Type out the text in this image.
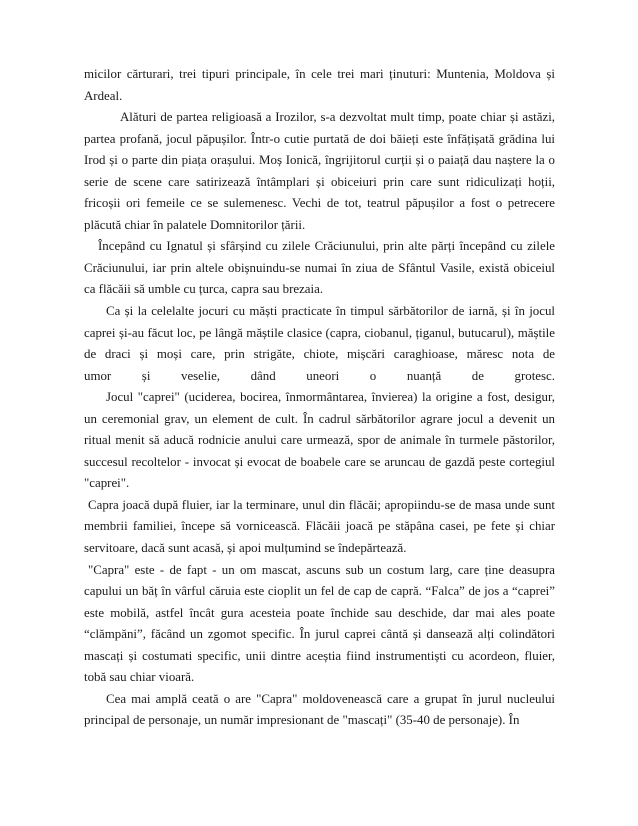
micilor cărturari, trei tipuri principale, în cele trei mari ținuturi: Muntenia, Moldova și Ardeal.

Alături de partea religioasă a Irozilor, s-a dezvoltat mult timp, poate chiar și astăzi, partea profană, jocul păpușilor. Într-o cutie purtată de doi băieți este înfățișată grădina lui Irod și o parte din piața orașului. Moș Ionică, îngrijitorul curții și o paiață dau naștere la o serie de scene care satirizează întâmplari și obiceiuri prin care sunt ridiculizați hoții, fricoșii ori femeile ce se sulemenesc. Vechi de tot, teatrul păpușilor a fost o petrecere plăcută chiar în palatele Domnitorilor țării.

Începând cu Ignatul și sfârșind cu zilele Crăciunului, prin alte părți începând cu zilele Crăciunului, iar prin altele obișnuindu-se numai în ziua de Sfântul Vasile, există obiceiul ca flăcăii să umble cu țurca, capra sau brezaia.

Ca și la celelalte jocuri cu măști practicate în timpul sărbătorilor de iarnă, și în jocul caprei și-au făcut loc, pe lângă măștile clasice (capra, ciobanul, țiganul, butucarul), măștile de draci și moși care, prin strigăte, chiote, mișcări caraghioase, măresc nota de

umor și veselie, dând uneori o nuanță de grotesc.

Jocul "caprei" (uciderea, bocirea, înmormântarea, învierea) la origine a fost, desigur, un ceremonial grav, un element de cult. În cadrul sărbătorilor agrare jocul a devenit un ritual menit să aducă rodnicie anului care urmează, spor de animale în turmele păstorilor, succesul recoltelor - invocat și evocat de boabele care se aruncau de gazdă peste cortegiul "caprei".

Capra joacă după fluier, iar la terminare, unul din flăcăi; apropiindu-se de masa unde sunt membrii familiei, începe să vornicească. Flăcăii joacă pe stăpâna casei, pe fete și chiar servitoare, dacă sunt acasă, și apoi mulțumind se îndepărtează.

"Capra" este - de fapt - un om mascat, ascuns sub un costum larg, care ține deasupra capului un băț în vârful căruia este cioplit un fel de cap de capră. “Falca” de jos a “caprei” este mobilă, astfel încât gura acesteia poate închide sau deschide, dar mai ales poate “clămpăni”, făcând un zgomot specific. În jurul caprei cântă și dansează alți colindători mascați și costumati specific, unii dintre aceștia fiind instrumentiști cu acordeon, fluier, tobă sau chiar vioară.

Cea mai amplă ceată o are "Capra" moldovenească care a grupat în jurul nucleului principal de personaje, un număr impresionant de "mascați" (35-40 de personaje). În
